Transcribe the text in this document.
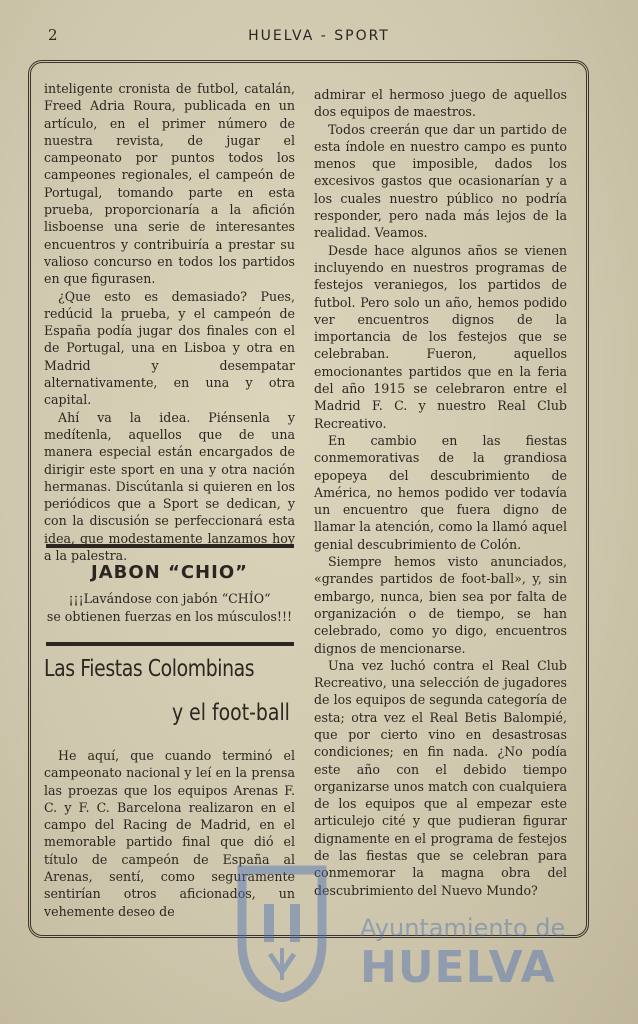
2	HUELVA - SPORT

inteligente cronista de futbol, catalán, Freed Adria Roura, publicada en un artículo, en el primer número de nuestra revista, de jugar el campeonato por puntos todos los campeones regionales, el campeón de Portugal, tomando parte en esta prueba, proporcionaría a la afición lisboense una serie de interesantes encuentros y contribuiría a prestar su valioso concurso en todos los partidos en que figurasen.

¿Que esto es demasiado? Pues, redúcid la prueba, y el campeón de España podía jugar dos finales con el de Portugal, una en Lisboa y otra en Madrid y desempatar alternativamente, en una y otra capital.

Ahí va la idea. Piénsenla y medítenla, aquellos que de una manera especial están encargados de dirigir este sport en una y otra nación hermanas. Discútanla si quieren en los periódicos que a Sport se dedican, y con la discusión se perfeccionará esta idea, que modestamente lanzamos hoy a la palestra.

JABON “CHIO”
¡¡¡Lavándose con jabón “CHÍO“
se obtienen fuerzas en los músculos!!!
Las Fiestas Colombinas
y el foot-ball

He aquí, que cuando terminó el campeonato nacional y leí en la prensa las proezas que los equipos Arenas F. C. y F. C. Barcelona realizaron en el campo del Racing de Madrid, en el memorable partido final que dió el título de campeón de España al Arenas, sentí, como seguramente sentirían otros aficionados, un vehemente deseo de

admirar el hermoso juego de aquellos dos equipos de maestros.

Todos creerán que dar un partido de esta índole en nuestro campo es punto menos que imposible, dados los excesivos gastos que ocasionarían y a los cuales nuestro público no podría responder, pero nada más lejos de la realidad. Veamos.

Desde hace algunos años se vienen incluyendo en nuestros programas de festejos veraniegos, los partidos de futbol. Pero solo un año, hemos podido ver encuentros dignos de la importancia de los festejos que se celebraban. Fueron, aquellos emocionantes partidos que en la feria del año 1915 se celebraron entre el Madrid F. C. y nuestro Real Club Recreativo.

En cambio en las fiestas conmemorativas de la grandiosa epopeya del descubrimiento de América, no hemos podido ver todavía un encuentro que fuera digno de llamar la atención, como la llamó aquel genial descubrimiento de Colón.

Siempre hemos visto anunciados, «grandes partidos de foot-ball», y, sin embargo, nunca, bien sea por falta de organización o de tiempo, se han celebrado, como yo digo, encuentros dignos de mencionarse.

Una vez luchó contra el Real Club Recreativo, una selección de jugadores de los equipos de segunda categoría de esta; otra vez el Real Betis Balompié, que por cierto vino en desastrosas condiciones; en fin nada. ¿No podía este año con el debido tiempo organizarse unos match con cualquiera de los equipos que al empezar este articulejo cité y que pudieran figurar dignamente en el programa de festejos de las fiestas que se celebran para conmemorar la magna obra del descubrimiento del Nuevo Mundo?

Ayuntamiento de
HUELVA
